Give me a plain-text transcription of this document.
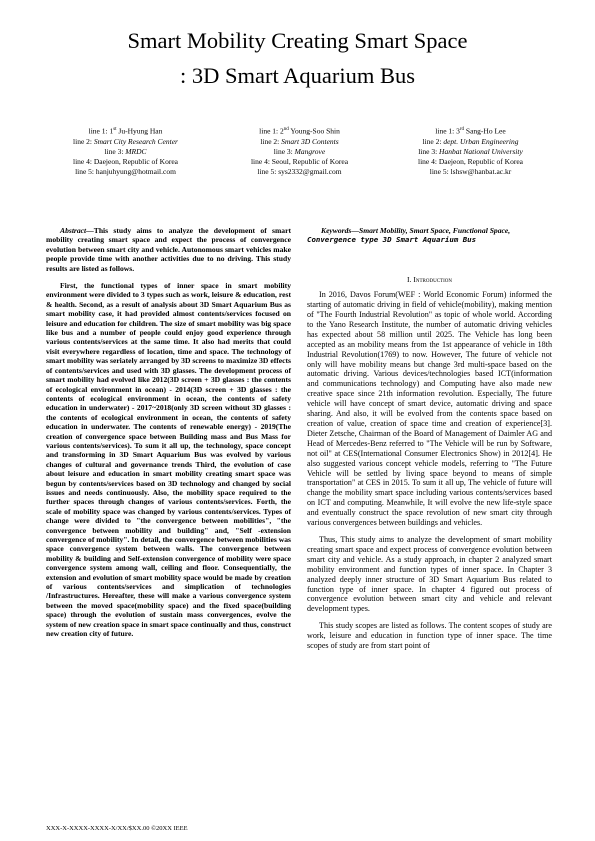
Smart Mobility Creating Smart Space
: 3D Smart Aquarium Bus
line 1: 1st Ju-Hyung Han
line 2: Smart City Research Center
line 3: MRDC
line 4: Daejeon, Republic of Korea
line 5: hanjuhyung@hotmail.com
line 1: 2nd Young-Soo Shin
line 2: Smart 3D Contents
line 3: Mangrove
line 4: Seoul, Republic of Korea
line 5: sys2332@gmail.com
line 1: 3rd Sang-Ho Lee
line 2: dept. Urban Engineering
line 3: Hanbat National University
line 4: Daejeon, Republic of Korea
line 5: lshsw@hanbat.ac.kr

Abstract—This study aims to analyze the development of smart mobility creating smart space and expect the process of convergence evolution between smart city and vehicle. Autonomous smart vehicles make people provide time with another activities due to no driving. This study results are listed as follows.

First, the functional types of inner space in smart mobility environment were divided to 3 types such as work, leisure & education, rest & health. Second, as a result of analysis about 3D Smart Aquarium Bus as smart mobility case, it had provided almost contents/services focused on leisure and education for children. The size of smart mobility was big space like bus and a number of people could enjoy good experience through various contents/services at the same time. It also had merits that could visit everywhere regardless of location, time and space. The technology of smart mobility was seriately arranged by 3D screens to maximize 3D effects of contents/services and used with 3D glasses. The development process of smart mobility had evolved like 2012(3D screen + 3D glasses : the contents of ecological environment in ocean) - 2014(3D screen + 3D glasses : the contents of ecological environment in ocean, the contents of safety education in underwater) - 2017~2018(only 3D screen without 3D glasses : the contents of ecological environment in ocean, the contents of safety education in underwater. The contents of renewable energy) - 2019(The creation of convergence space between Building mass and Bus Mass for various contents/services). To sum it all up, the technology, space concept and transforming in 3D Smart Aquarium Bus was evolved by various changes of cultural and governance trends Third, the evolution of case about leisure and education in smart mobility creating smart space was begun by contents/services based on 3D technology and changed by social issues and needs continuously. Also, the mobility space required to the further spaces through changes of various contents/services. Forth, the scale of mobility space was changed by various contents/services. Types of change were divided to "the convergence between mobilities", "the convergence between mobility and building" and, "Self -extension convergence of mobility". In detail, the convergence between mobilities was space convergence system between walls. The convergence between mobility & building and Self-extension convergence of mobility were space convergence system among wall, ceiling and floor. Consequentially, the extension and evolution of smart mobility space would be made by creation of various contents/services and simplication of technologies /Infrastructures. Hereafter, these will make a various convergence system between the moved space(mobility space) and the fixed space(building space) through the evolution of sustain mass convergences, evolve the system of new creation space in smart space continually and thus, construct new creation city of future.

Keywords—Smart Mobility, Smart Space, Functional Space,

Convergence type 3D Smart Aquarium Bus

I. Introduction

In 2016, Davos Forum(WEF : World Economic Forum) informed the starting of automatic driving in field of vehicle(mobility), making mention of "The Fourth Industrial Revolution" as topic of whole world. According to the Yano Research Institute, the number of automatic driving vehicles has expected about 58 million until 2025. The Vehicle has long been accepted as an mobility means from the 1st appearance of vehicle in 18th Industrial Revolution(1769) to now. However, The future of vehicle not only will have mobility means but change 3rd multi-space based on the automatic driving. Various devices/technologies based ICT(information and communications technology) and Computing have also made new creative space since 21th information revolution. Especially, The future vehicle will have concept of smart device, automatic driving and space sharing. And also, it will be evolved from the contents space based on creation of value, creation of space time and creation of experience[3]. Dieter Zetsche, Chairman of the Board of Management of Daimler AG and Head of Mercedes-Benz referred to "The Vehicle will be run by Software, not oil" at CES(International Consumer Electronics Show) in 2012[4]. He also suggested various concept vehicle models, referring to "The Future Vehicle will be settled by living space beyond to means of simple transportation" at CES in 2015. To sum it all up, The vehicle of future will change the mobility smart space including various contents/services based on ICT and computing. Meanwhile, It will evolve the new life-style space and eventually construct the space revolution of new smart city through various convergences between buildings and vehicles.

Thus, This study aims to analyze the development of smart mobility creating smart space and expect process of convergence evolution between smart city and vehicle. As a study approach, in chapter 2 analyzed smart mobility environment and function types of inner space. In Chapter 3 analyzed deeply inner structure of 3D Smart Aquarium Bus related to function type of inner space. In chapter 4 figured out process of convergence evolution between smart city and vehicle and relevant development types.

This study scopes are listed as follows. The content scopes of study are work, leisure and education in function type of inner space. The time scopes of study are from start point of

XXX-X-XXXX-XXXX-X/XX/$XX.00 ©20XX IEEE
